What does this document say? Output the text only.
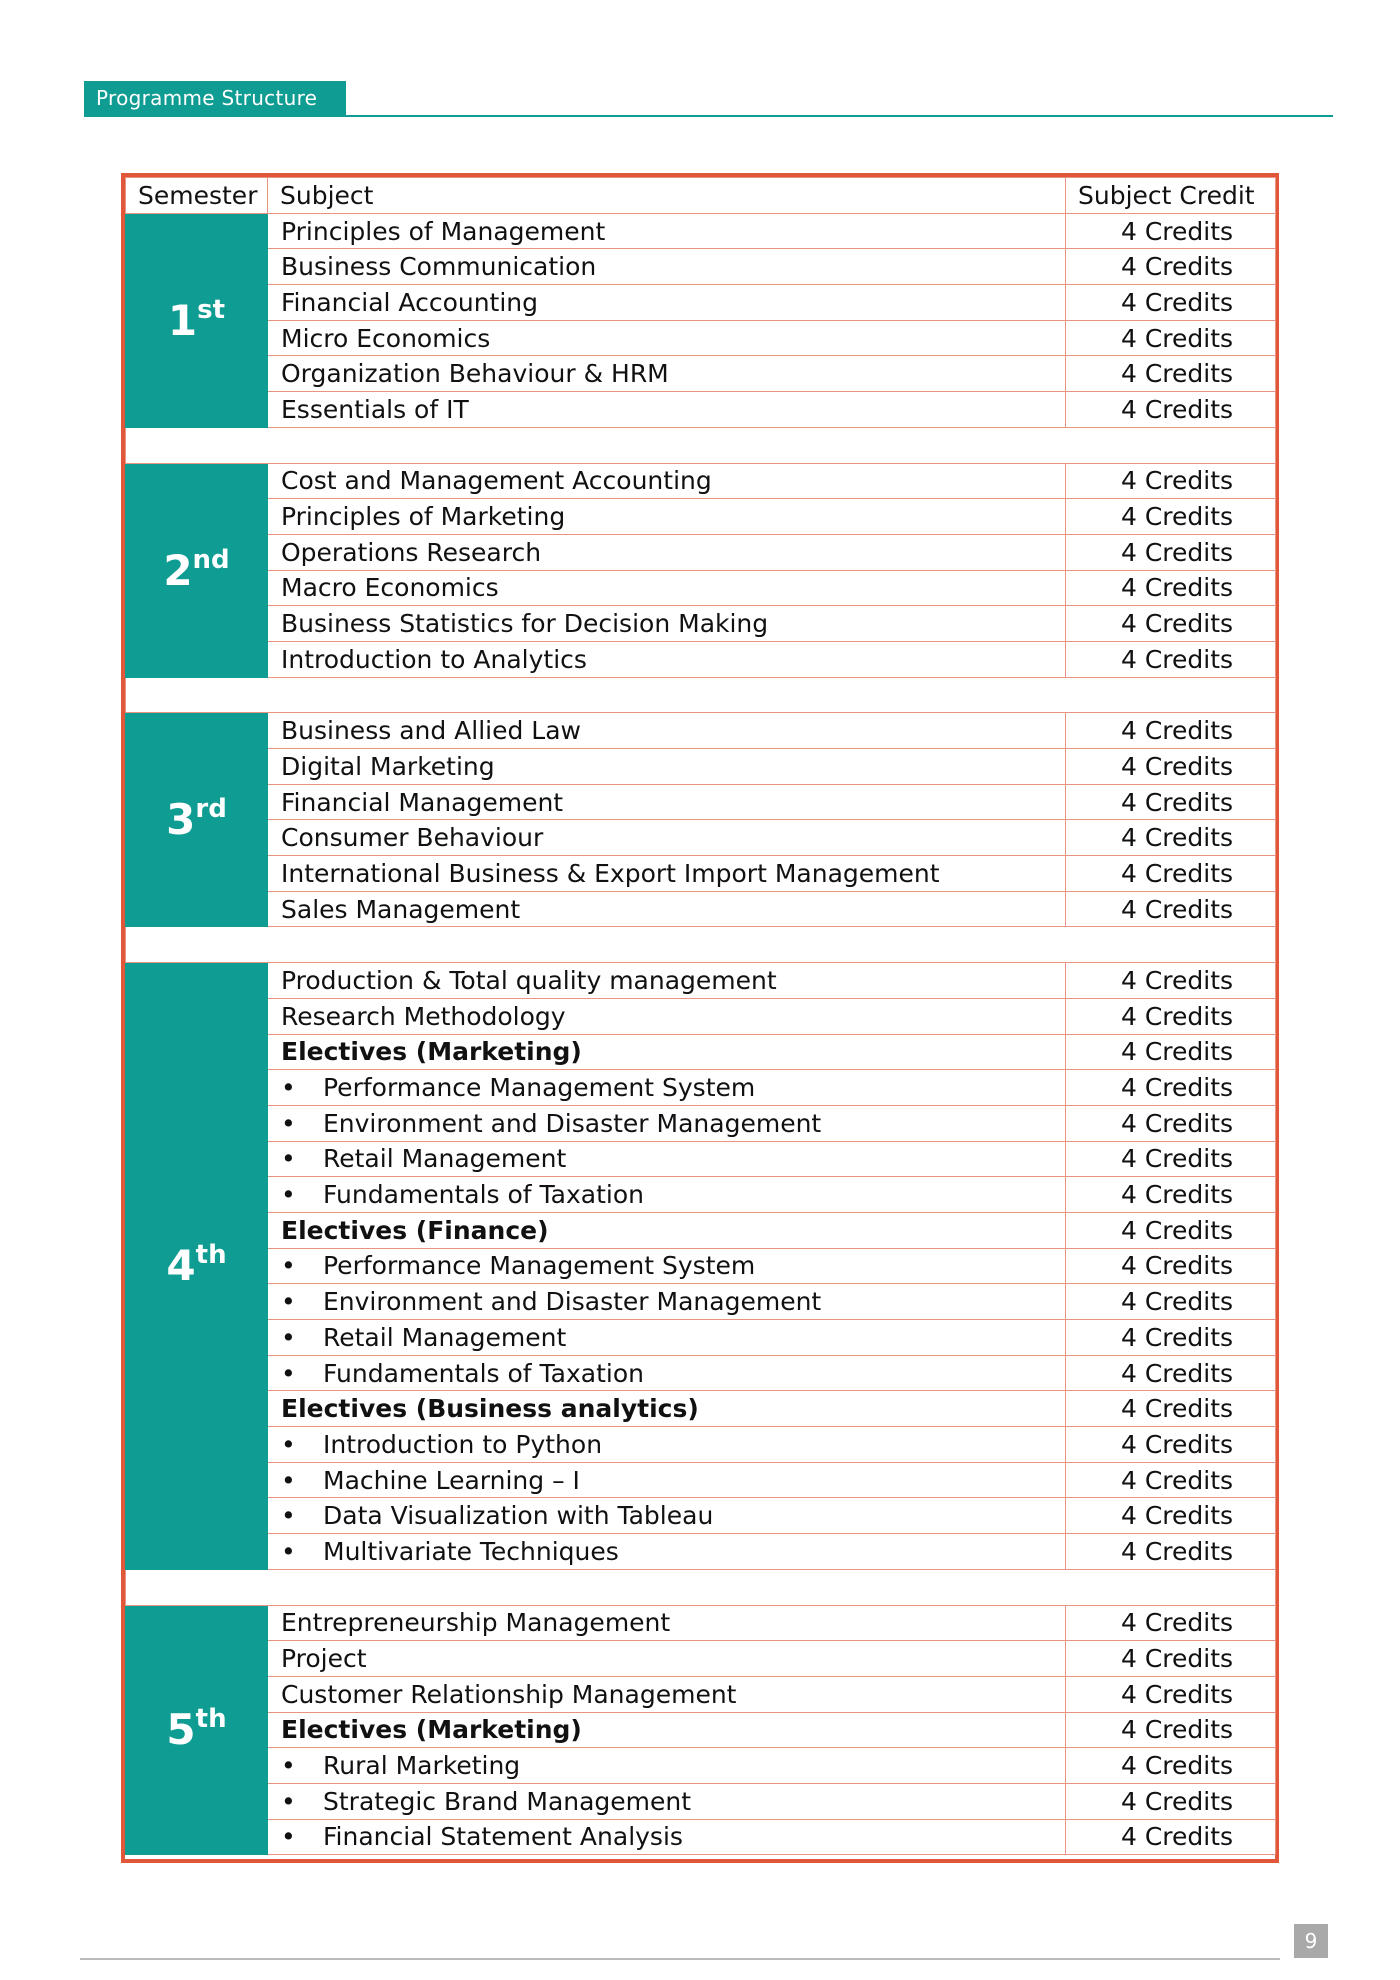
Programme Structure
Semester	Subject	Subject Credit
1st	Principles of Management	4 Credits
	Business Communication	4 Credits
	Financial Accounting	4 Credits
	Micro Economics	4 Credits
	Organization Behaviour & HRM	4 Credits
	Essentials of IT	4 Credits

2nd	Cost and Management Accounting	4 Credits
	Principles of Marketing	4 Credits
	Operations Research	4 Credits
	Macro Economics	4 Credits
	Business Statistics for Decision Making	4 Credits
	Introduction to Analytics	4 Credits

3rd	Business and Allied Law	4 Credits
	Digital Marketing	4 Credits
	Financial Management	4 Credits
	Consumer Behaviour	4 Credits
	International Business & Export Import Management	4 Credits
	Sales Management	4 Credits

4th	Production & Total quality management	4 Credits
	Research Methodology	4 Credits
	Electives (Marketing)	4 Credits
	• Performance Management System	4 Credits
	• Environment and Disaster Management	4 Credits
	• Retail Management	4 Credits
	• Fundamentals of Taxation	4 Credits
	Electives (Finance)	4 Credits
	• Performance Management System	4 Credits
	• Environment and Disaster Management	4 Credits
	• Retail Management	4 Credits
	• Fundamentals of Taxation	4 Credits
	Electives (Business analytics)	4 Credits
	• Introduction to Python	4 Credits
	• Machine Learning – I	4 Credits
	• Data Visualization with Tableau	4 Credits
	• Multivariate Techniques	4 Credits

5th	Entrepreneurship Management	4 Credits
	Project	4 Credits
	Customer Relationship Management	4 Credits
	Electives (Marketing)	4 Credits
	• Rural Marketing	4 Credits
	• Strategic Brand Management	4 Credits
	• Financial Statement Analysis	4 Credits
9
